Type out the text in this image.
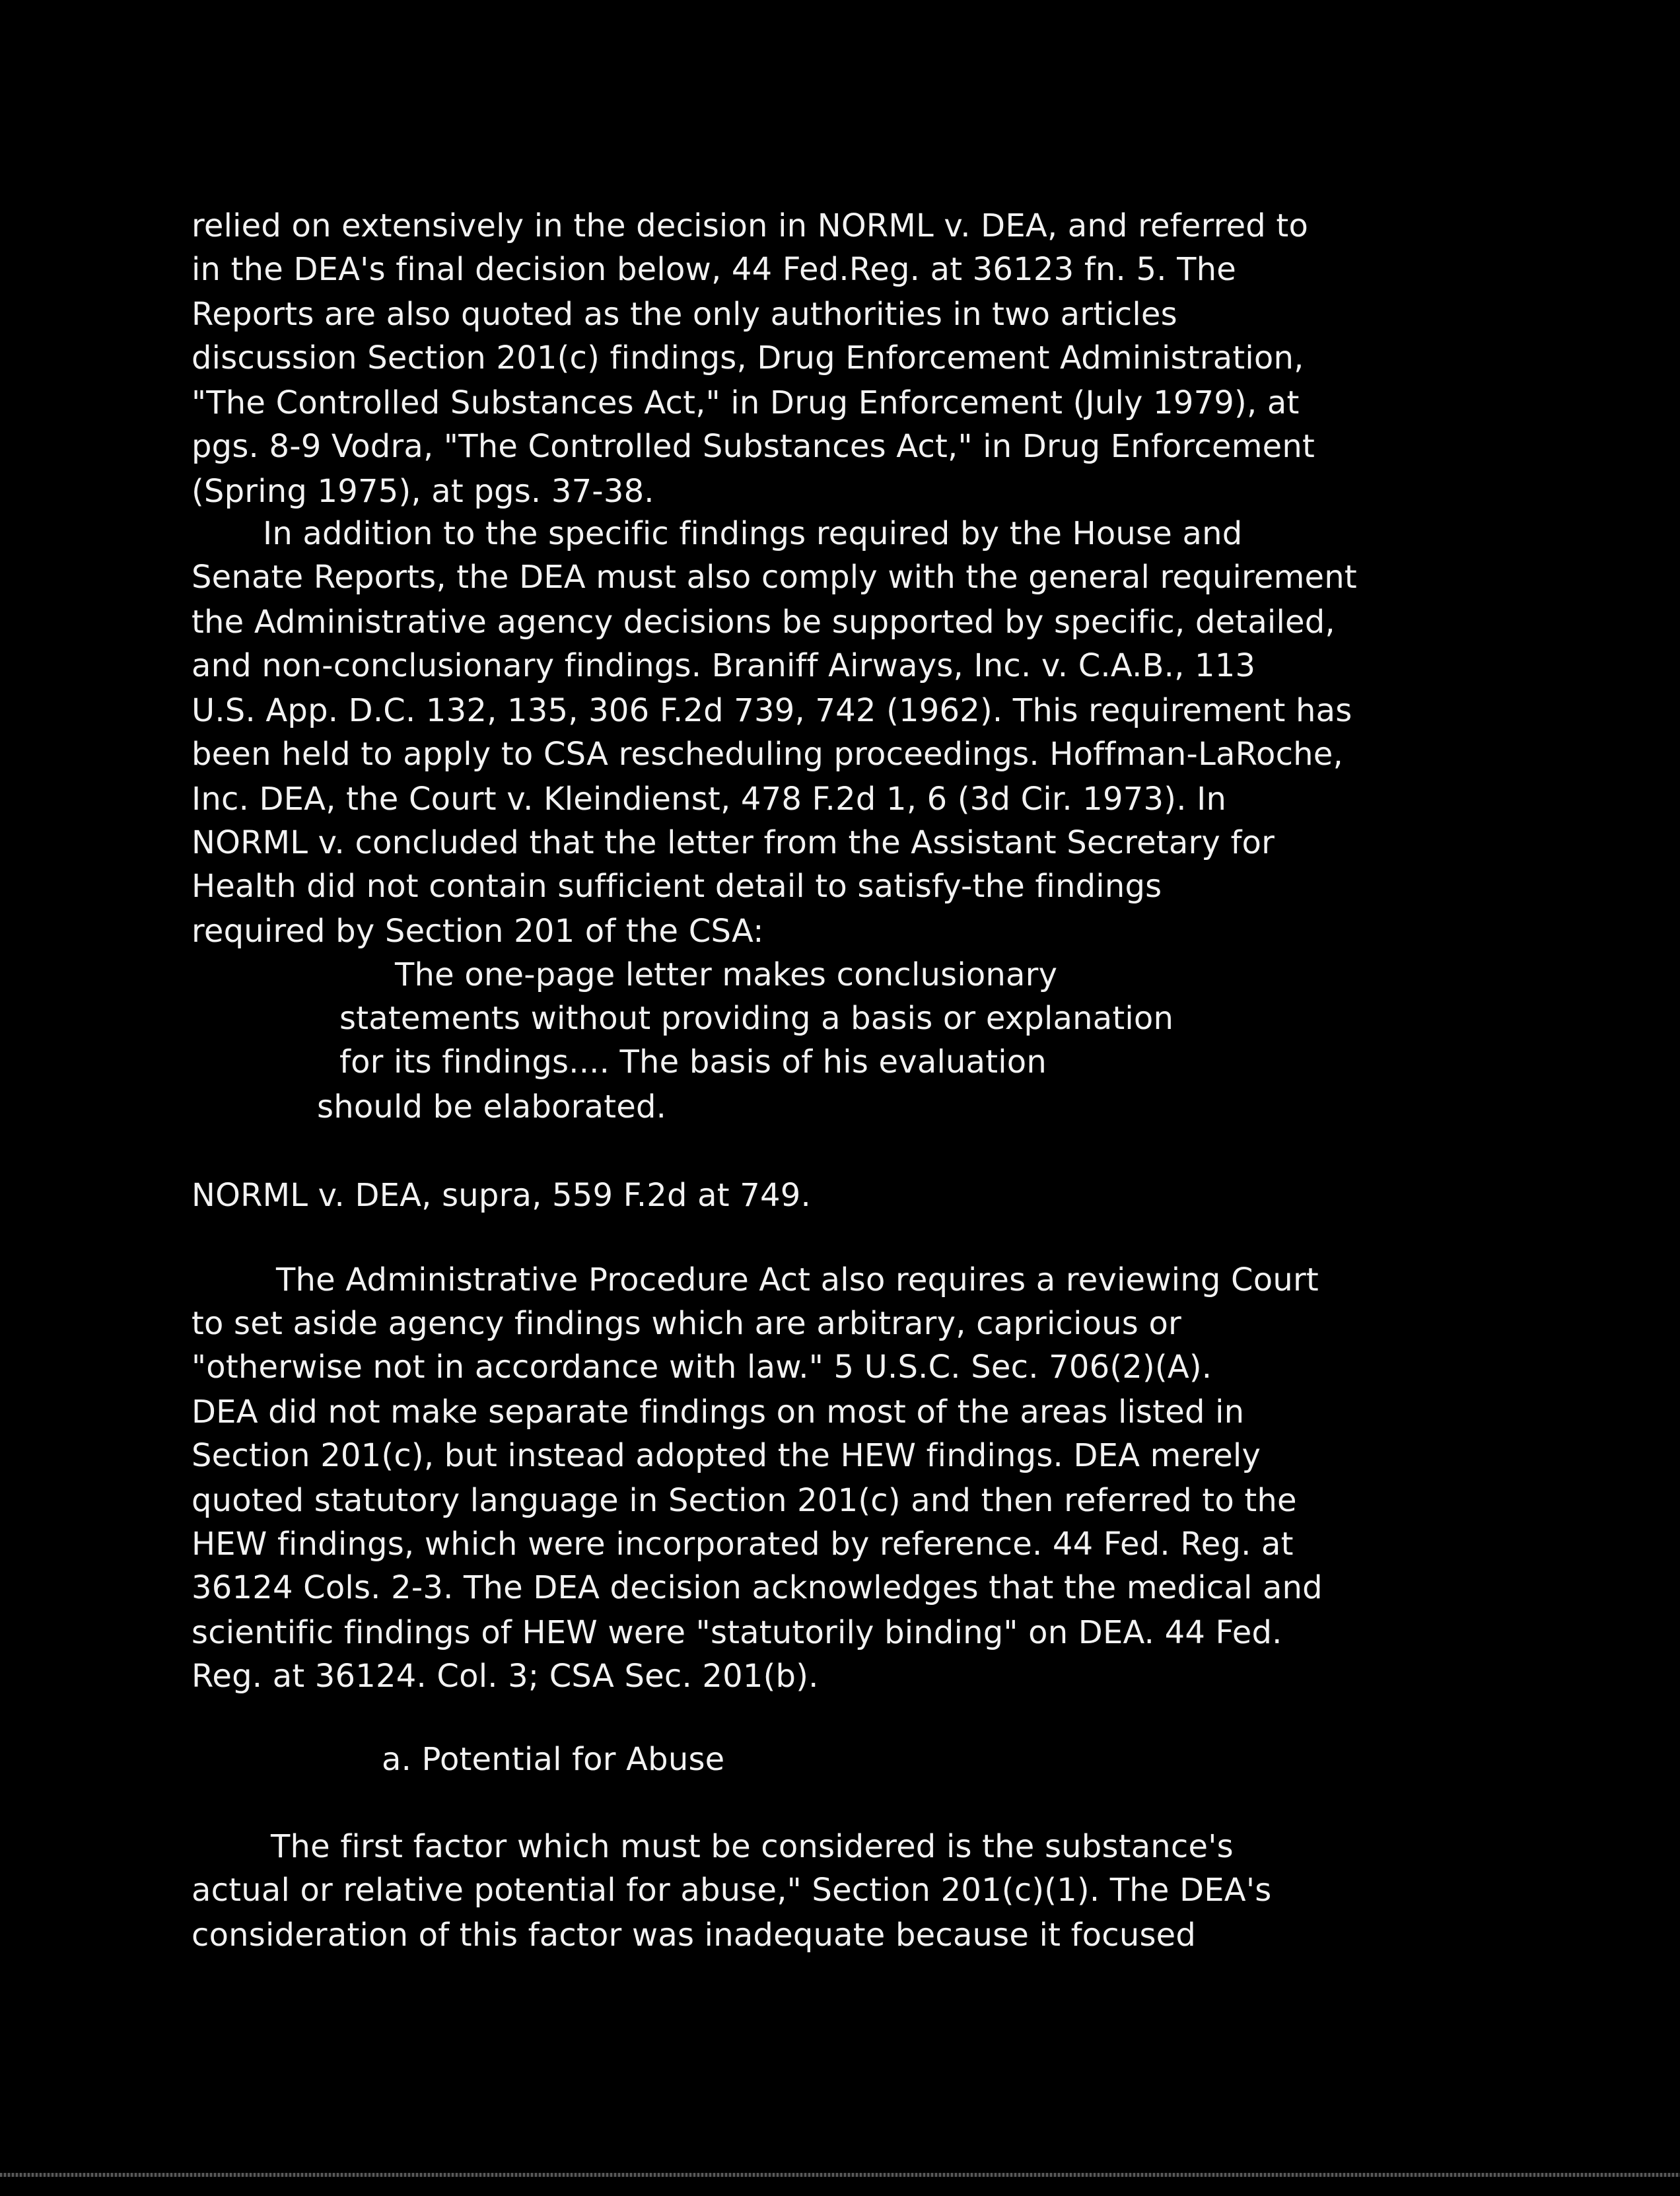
relied on extensively in the decision in NORML v. DEA, and referred to
in the DEA's final decision below, 44 Fed.Reg. at 36123 fn. 5. The
Reports are also quoted as the only authorities in two articles
discussion Section 201(c) findings, Drug Enforcement Administration,
"The Controlled Substances Act," in Drug Enforcement (July 1979), at
pgs. 8-9 Vodra, "The Controlled Substances Act," in Drug Enforcement
(Spring 1975), at pgs. 37-38.
In addition to the specific findings required by the House and
Senate Reports, the DEA must also comply with the general requirement
the Administrative agency decisions be supported by specific, detailed,
and non-conclusionary findings. Braniff Airways, Inc. v. C.A.B., 113
U.S. App. D.C. 132, 135, 306 F.2d 739, 742 (1962). This requirement has
been held to apply to CSA rescheduling proceedings. Hoffman-LaRoche,
Inc. DEA, the Court v. Kleindienst, 478 F.2d 1, 6 (3d Cir. 1973). In
NORML v. concluded that the letter from the Assistant Secretary for
Health did not contain sufficient detail to satisfy-the findings
required by Section 201 of the CSA:
The one-page letter makes conclusionary
statements without providing a basis or explanation
for its findings.... The basis of his evaluation
should be elaborated.
NORML v. DEA, supra, 559 F.2d at 749.
The Administrative Procedure Act also requires a reviewing Court
to set aside agency findings which are arbitrary, capricious or
"otherwise not in accordance with law." 5 U.S.C. Sec. 706(2)(A).
DEA did not make separate findings on most of the areas listed in
Section 201(c), but instead adopted the HEW findings. DEA merely
quoted statutory language in Section 201(c) and then referred to the
HEW findings, which were incorporated by reference. 44 Fed. Reg. at
36124 Cols. 2-3. The DEA decision acknowledges that the medical and
scientific findings of HEW were "statutorily binding" on DEA. 44 Fed.
Reg. at 36124. Col. 3; CSA Sec. 201(b).
a. Potential for Abuse
The first factor which must be considered is the substance's
actual or relative potential for abuse," Section 201(c)(1). The DEA's
consideration of this factor was inadequate because it focused
